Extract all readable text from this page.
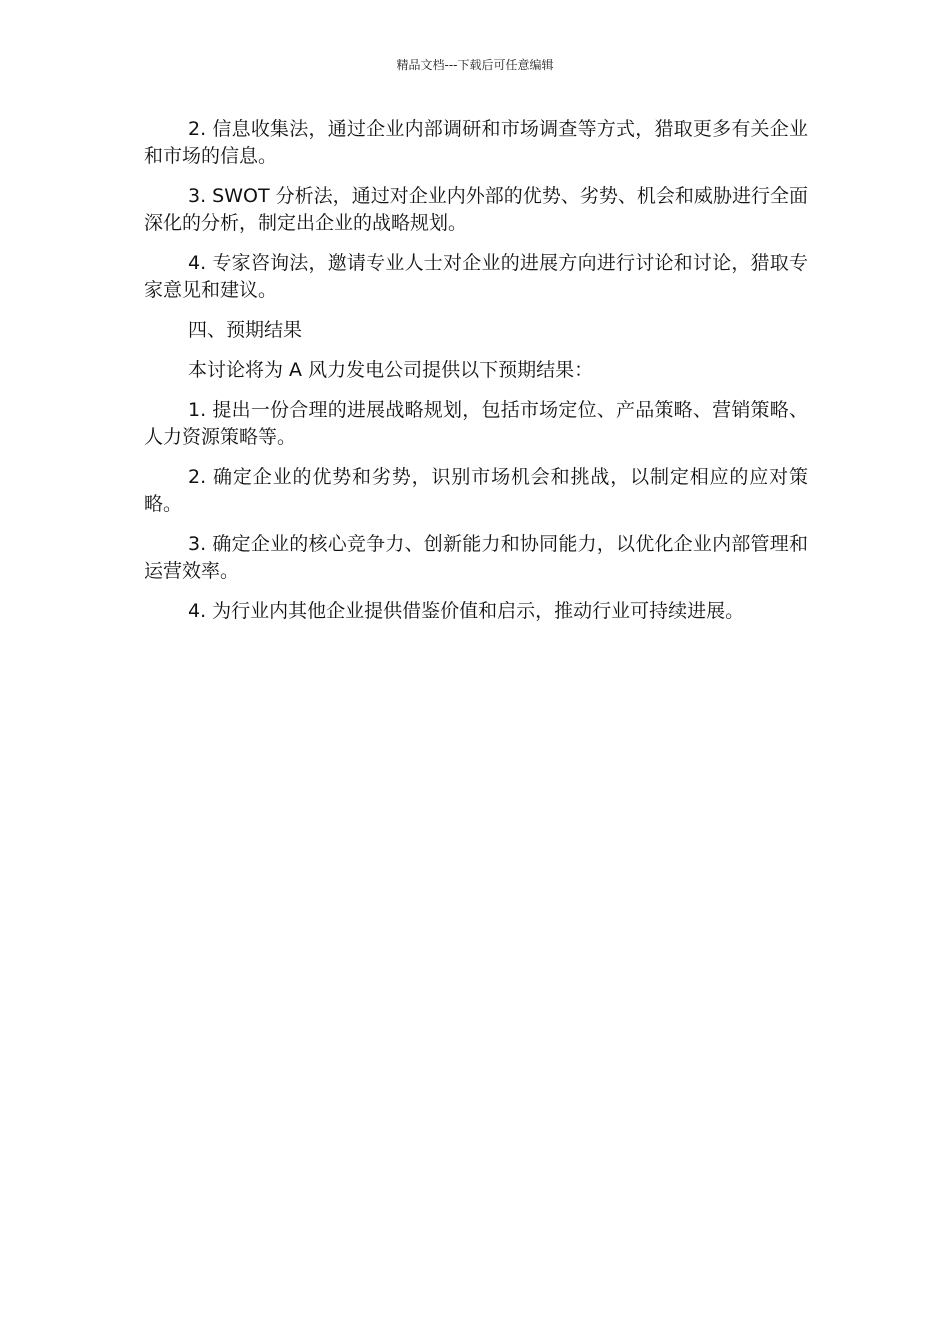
精品文档---下载后可任意编辑

2. 信息收集法，通过企业内部调研和市场调查等方式，猎取更多有关企业和市场的信息。

3. SWOT 分析法，通过对企业内外部的优势、劣势、机会和威胁进行全面深化的分析，制定出企业的战略规划。

4. 专家咨询法，邀请专业人士对企业的进展方向进行讨论和讨论，猎取专家意见和建议。

四、预期结果

本讨论将为 A 风力发电公司提供以下预期结果：

1. 提出一份合理的进展战略规划，包括市场定位、产品策略、营销策略、人力资源策略等。

2. 确定企业的优势和劣势，识别市场机会和挑战，以制定相应的应对策略。

3. 确定企业的核心竞争力、创新能力和协同能力，以优化企业内部管理和运营效率。

4. 为行业内其他企业提供借鉴价值和启示，推动行业可持续进展。
